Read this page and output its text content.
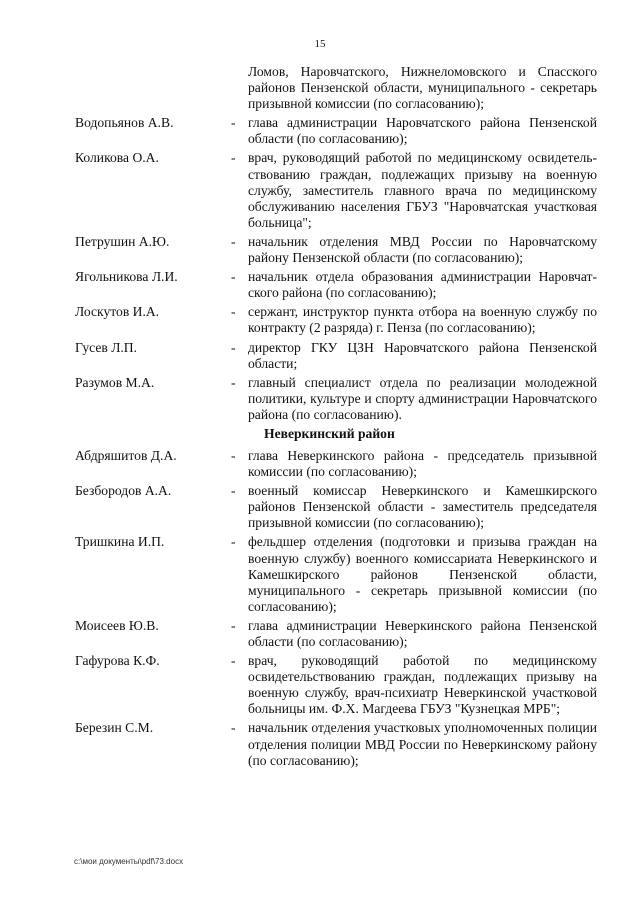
15
Ломов, Наровчатского, Нижнеломовского и Спасского районов Пензенской области, муниципального - секретарь призывной комиссии (по согласованию);
Водопьянов А.В.	- глава администрации Наровчатского района Пензенской области (по согласованию);
Коликова О.А.	- врач, руководящий работой по медицинскому освидетельствованию граждан, подлежащих призыву на военную службу, заместитель главного врача по медицинскому обслуживанию населения ГБУЗ "Наровчатская участковая больница";
Петрушин А.Ю.	- начальник отделения МВД России по Наровчатскому району Пензенской области (по согласованию);
Ягольникова Л.И.	- начальник отдела образования администрации Наровчатского района (по согласованию);
Лоскутов И.А.	- сержант, инструктор пункта отбора на военную службу по контракту (2 разряда) г. Пенза (по согласованию);
Гусев Л.П.	- директор ГКУ ЦЗН Наровчатского района Пензенской области;
Разумов М.А.	- главный специалист отдела по реализации молодежной политики, культуре и спорту администрации Наровчатского района (по согласованию).
Неверкинский район
Абдряшитов Д.А.	- глава Неверкинского района - председатель призывной комиссии (по согласованию);
Безбородов А.А.	- военный комиссар Неверкинского и Камешкирского районов Пензенской области - заместитель председателя призывной комиссии (по согласованию);
Тришкина И.П.	- фельдшер отделения (подготовки и призыва граждан на военную службу) военного комиссариата Неверкинского и Камешкирского районов Пензенской области, муниципального - секретарь призывной комиссии (по согласованию);
Моисеев Ю.В.	- глава администрации Неверкинского района Пензенской области (по согласованию);
Гафурова К.Ф.	- врач, руководящий работой по медицинскому освидетельствованию граждан, подлежащих призыву на военную службу, врач-психиатр Неверкинской участковой больницы им. Ф.Х. Магдеева ГБУЗ "Кузнецкая МРБ";
Березин С.М.	- начальник отделения участковых уполномоченных полиции отделения полиции МВД России по Неверкинскому району (по согласованию);
c:\мои документы\pdf\73.docx
